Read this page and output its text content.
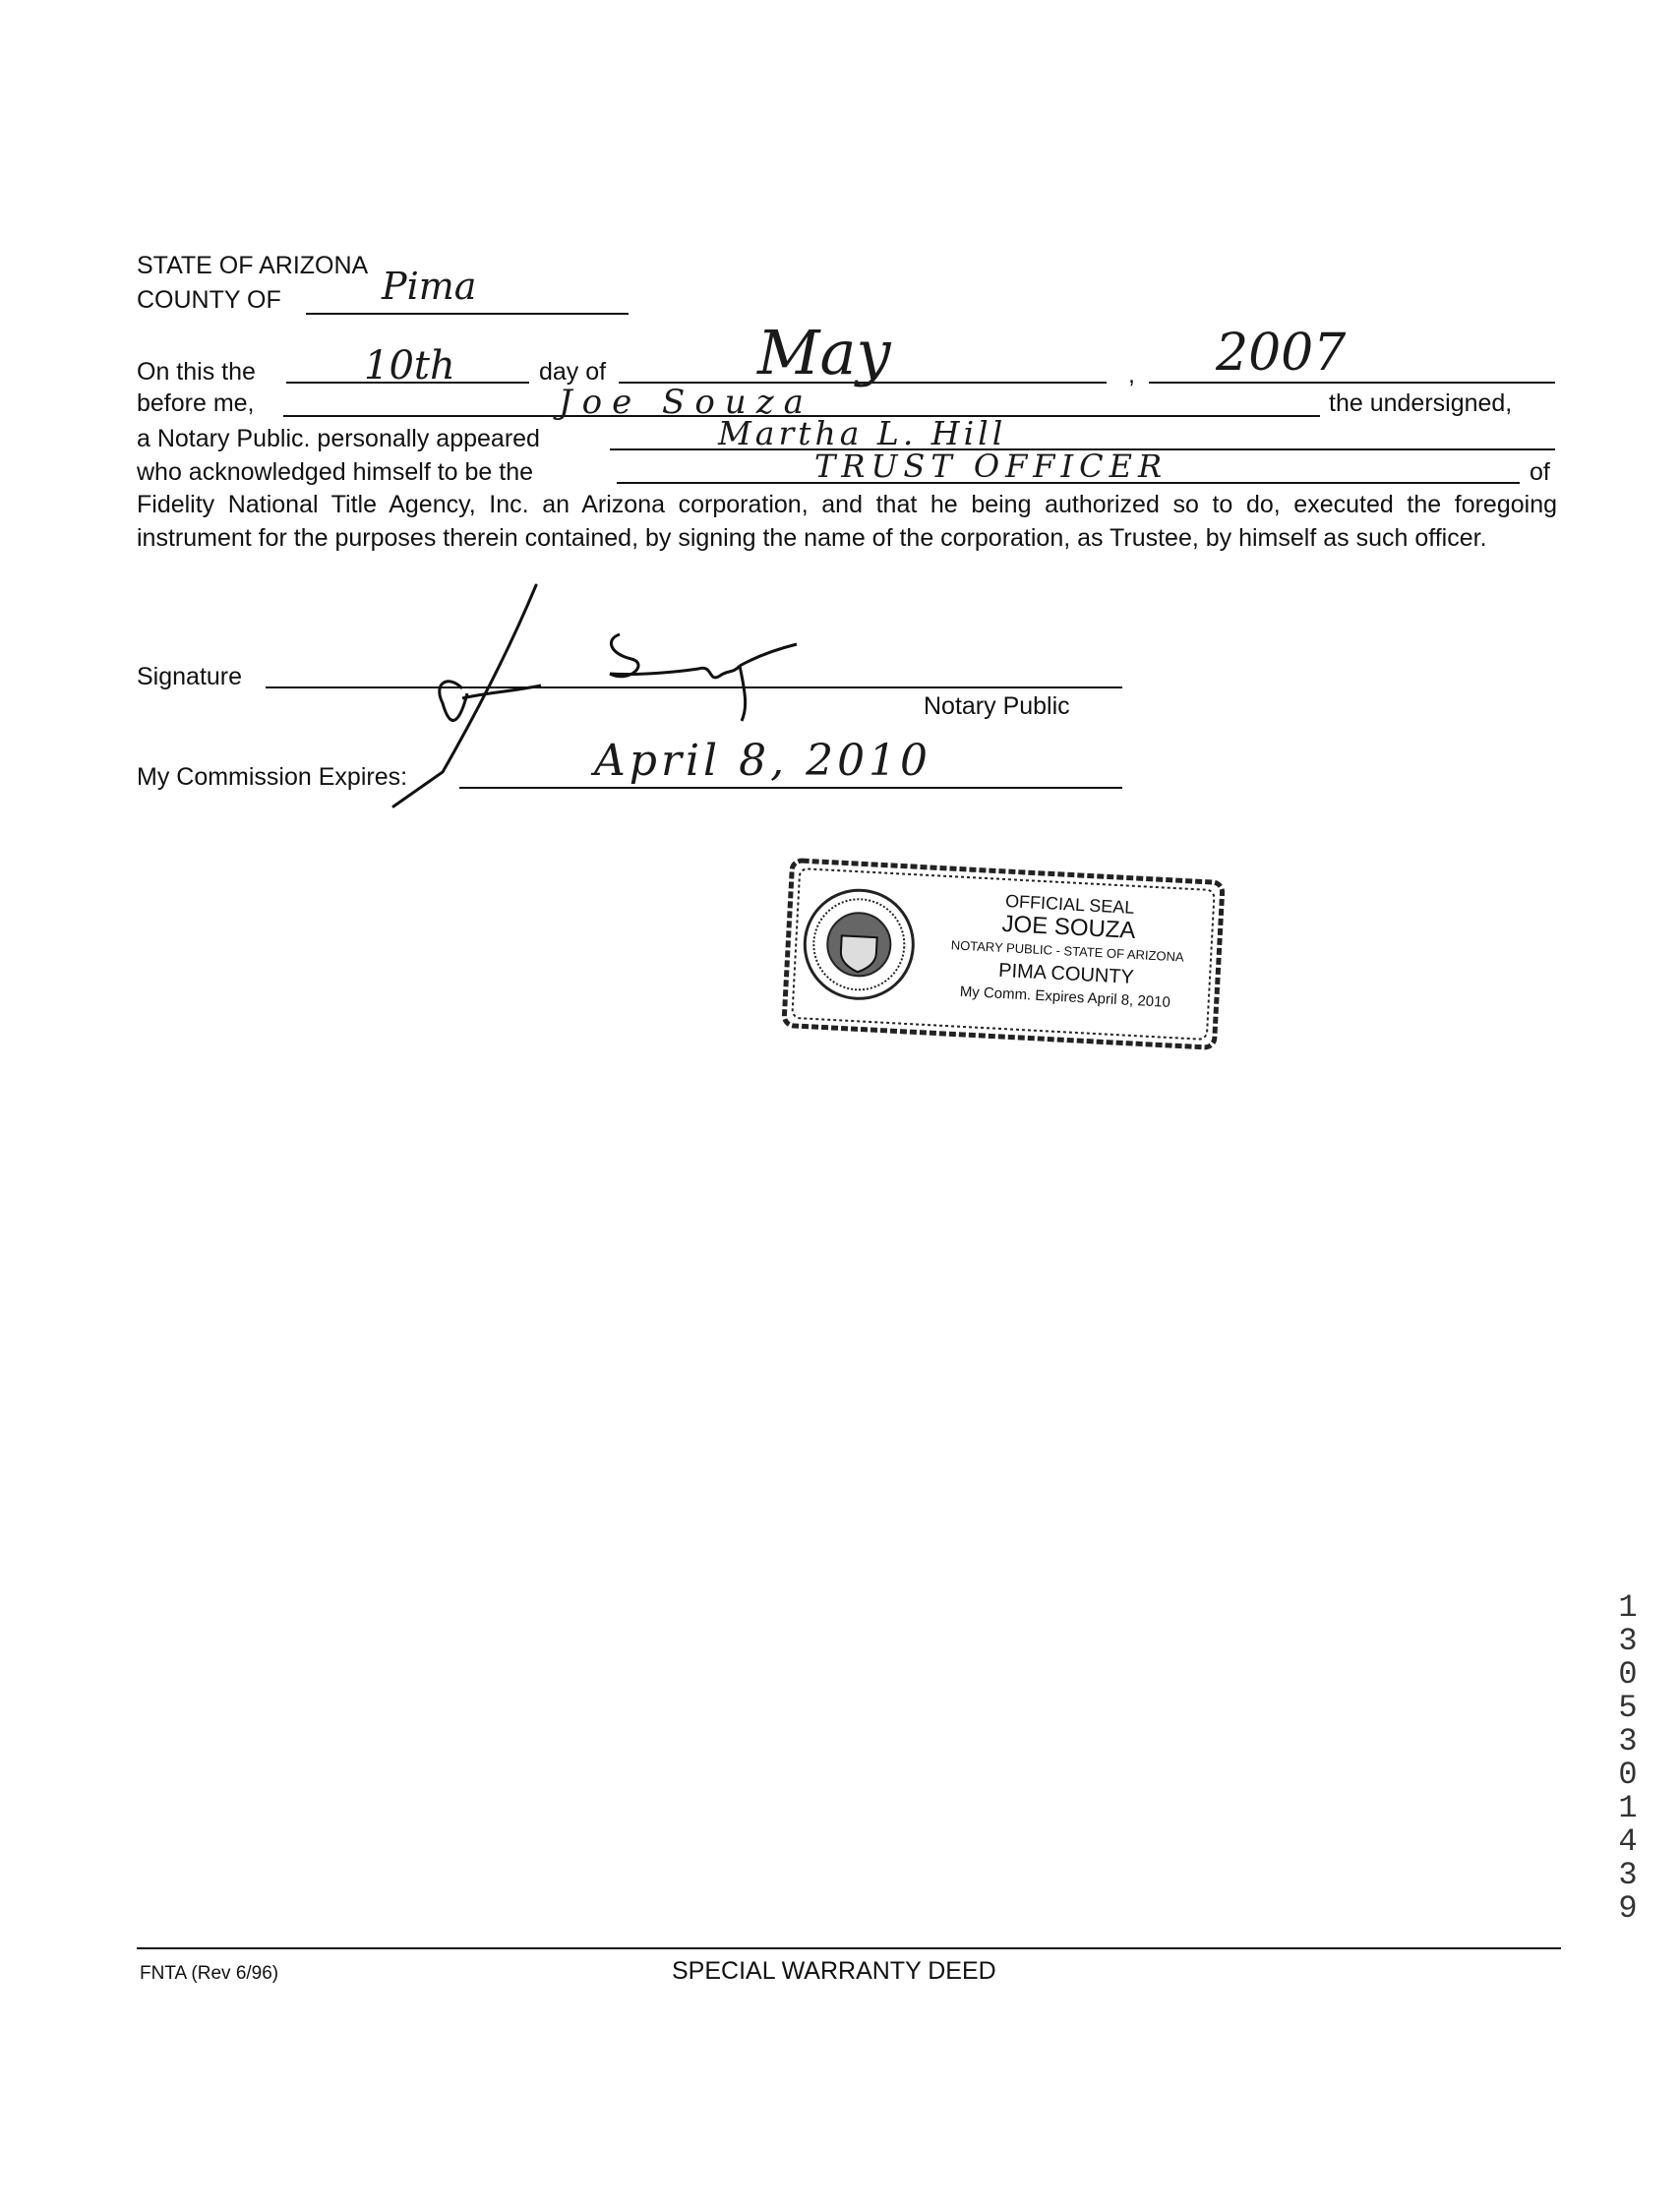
STATE OF ARIZONA
COUNTY OF	Pima
On this the	10th	day of May	, 2007
before me,	Joe Souza	the undersigned,
a Notary Public. personally appeared	Martha L. Hill
who acknowledged himself to be the	TRUST OFFICER	of
Fidelity National Title Agency, Inc. an Arizona corporation, and that he being authorized so to do, executed the foregoing instrument for the purposes therein contained, by signing the name of the corporation, as Trustee, by himself as such officer.
Signature
Notary Public
My Commission Expires:	April 8, 2010
OFFICIAL SEAL
JOE SOUZA
NOTARY PUBLIC - STATE OF ARIZONA
PIMA COUNTY
My Comm. Expires April 8, 2010
13053 01439
FNTA (Rev 6/96)	SPECIAL WARRANTY DEED
